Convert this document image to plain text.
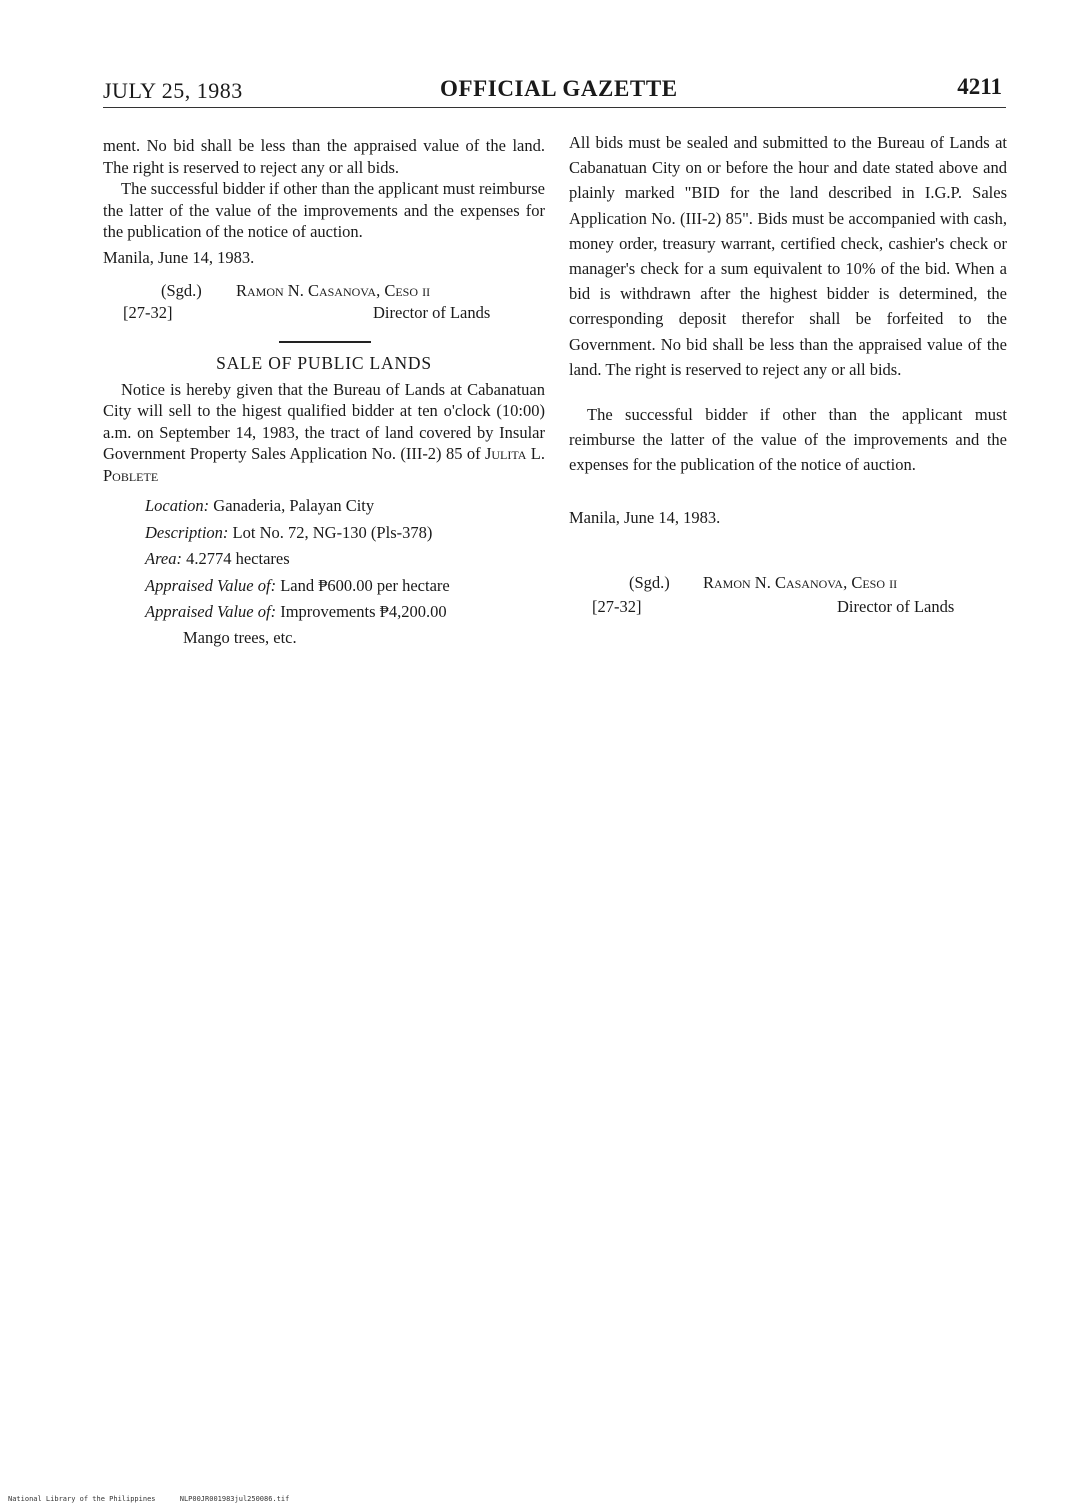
JULY 25, 1983	OFFICIAL GAZETTE	4211

ment. No bid shall be less than the appraised value of the land. The right is reserved to reject any or all bids.

The successful bidder if other than the applicant must reimburse the latter of the value of the improvements and the expenses for the publication of the notice of auction.

Manila, June 14, 1983.

(Sgd.) Ramon N. Casanova, Ceso ii
[27-32]	Director of Lands
SALE OF PUBLIC LANDS

Notice is hereby given that the Bureau of Lands at Cabanatuan City will sell to the higest qualified bidder at ten o'clock (10:00) a.m. on September 14, 1983, the tract of land covered by Insular Government Property Sales Application No. (III-2) 85 of Julita L. Poblete

Location: Ganaderia, Palayan City
Description: Lot No. 72, NG-130 (Pls-378)
Area: 4.2774 hectares
Appraised Value of: Land ₱600.00 per hectare
Appraised Value of: Improvements ₱4,200.00
Mango trees, etc.

All bids must be sealed and submitted to the Bureau of Lands at Cabanatuan City on or before the hour and date stated above and plainly marked "BID for the land described in I.G.P. Sales Application No. (III-2) 85". Bids must be accompanied with cash, money order, treasury warrant, certified check, cashier's check or manager's check for a sum equivalent to 10% of the bid. When a bid is withdrawn after the highest bidder is determined, the corresponding deposit therefor shall be forfeited to the Government. No bid shall be less than the appraised value of the land. The right is reserved to reject any or all bids.

The successful bidder if other than the applicant must reimburse the latter of the value of the improvements and the expenses for the publication of the notice of auction.

Manila, June 14, 1983.

(Sgd.) Ramon N. Casanova, Ceso ii
[27-32]	Director of Lands
National Library of the Philippines	NLP00JR001983jul250086.tif
